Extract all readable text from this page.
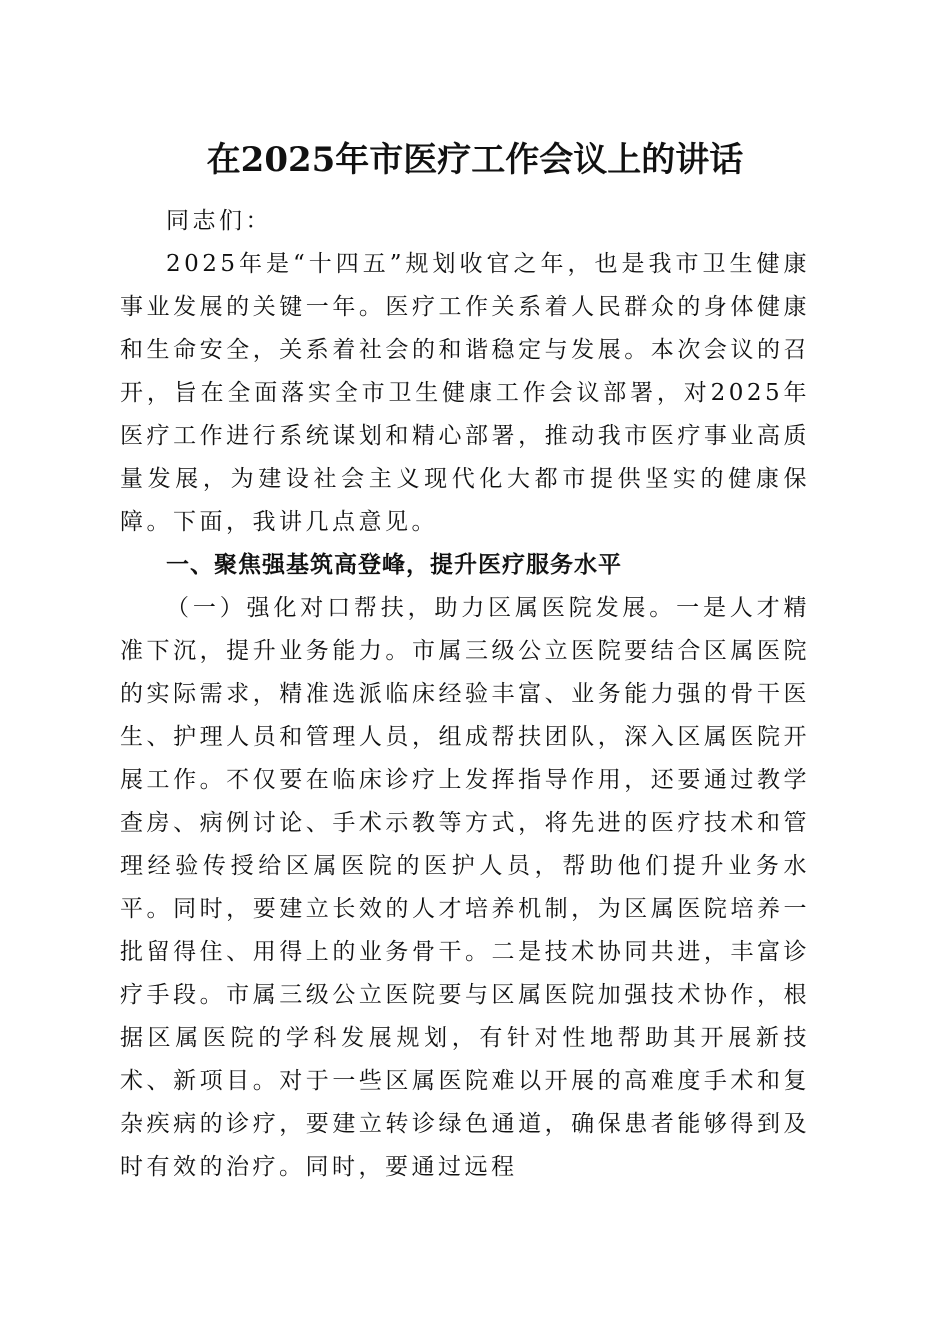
在2025年市医疗工作会议上的讲话

同志们：

2025年是“十四五”规划收官之年，也是我市卫生健康事业发展的关键一年。医疗工作关系着人民群众的身体健康和生命安全，关系着社会的和谐稳定与发展。本次会议的召开，旨在全面落实全市卫生健康工作会议部署，对2025年医疗工作进行系统谋划和精心部署，推动我市医疗事业高质量发展，为建设社会主义现代化大都市提供坚实的健康保障。下面，我讲几点意见。

一、聚焦强基筑高登峰，提升医疗服务水平

（一）强化对口帮扶，助力区属医院发展。一是人才精准下沉，提升业务能力。市属三级公立医院要结合区属医院的实际需求，精准选派临床经验丰富、业务能力强的骨干医生、护理人员和管理人员，组成帮扶团队，深入区属医院开展工作。不仅要在临床诊疗上发挥指导作用，还要通过教学查房、病例讨论、手术示教等方式，将先进的医疗技术和管理经验传授给区属医院的医护人员，帮助他们提升业务水平。同时，要建立长效的人才培养机制，为区属医院培养一批留得住、用得上的业务骨干。二是技术协同共进，丰富诊疗手段。市属三级公立医院要与区属医院加强技术协作，根据区属医院的学科发展规划，有针对性地帮助其开展新技术、新项目。对于一些区属医院难以开展的高难度手术和复杂疾病的诊疗，要建立转诊绿色通道，确保患者能够得到及时有效的治疗。同时，要通过远程
